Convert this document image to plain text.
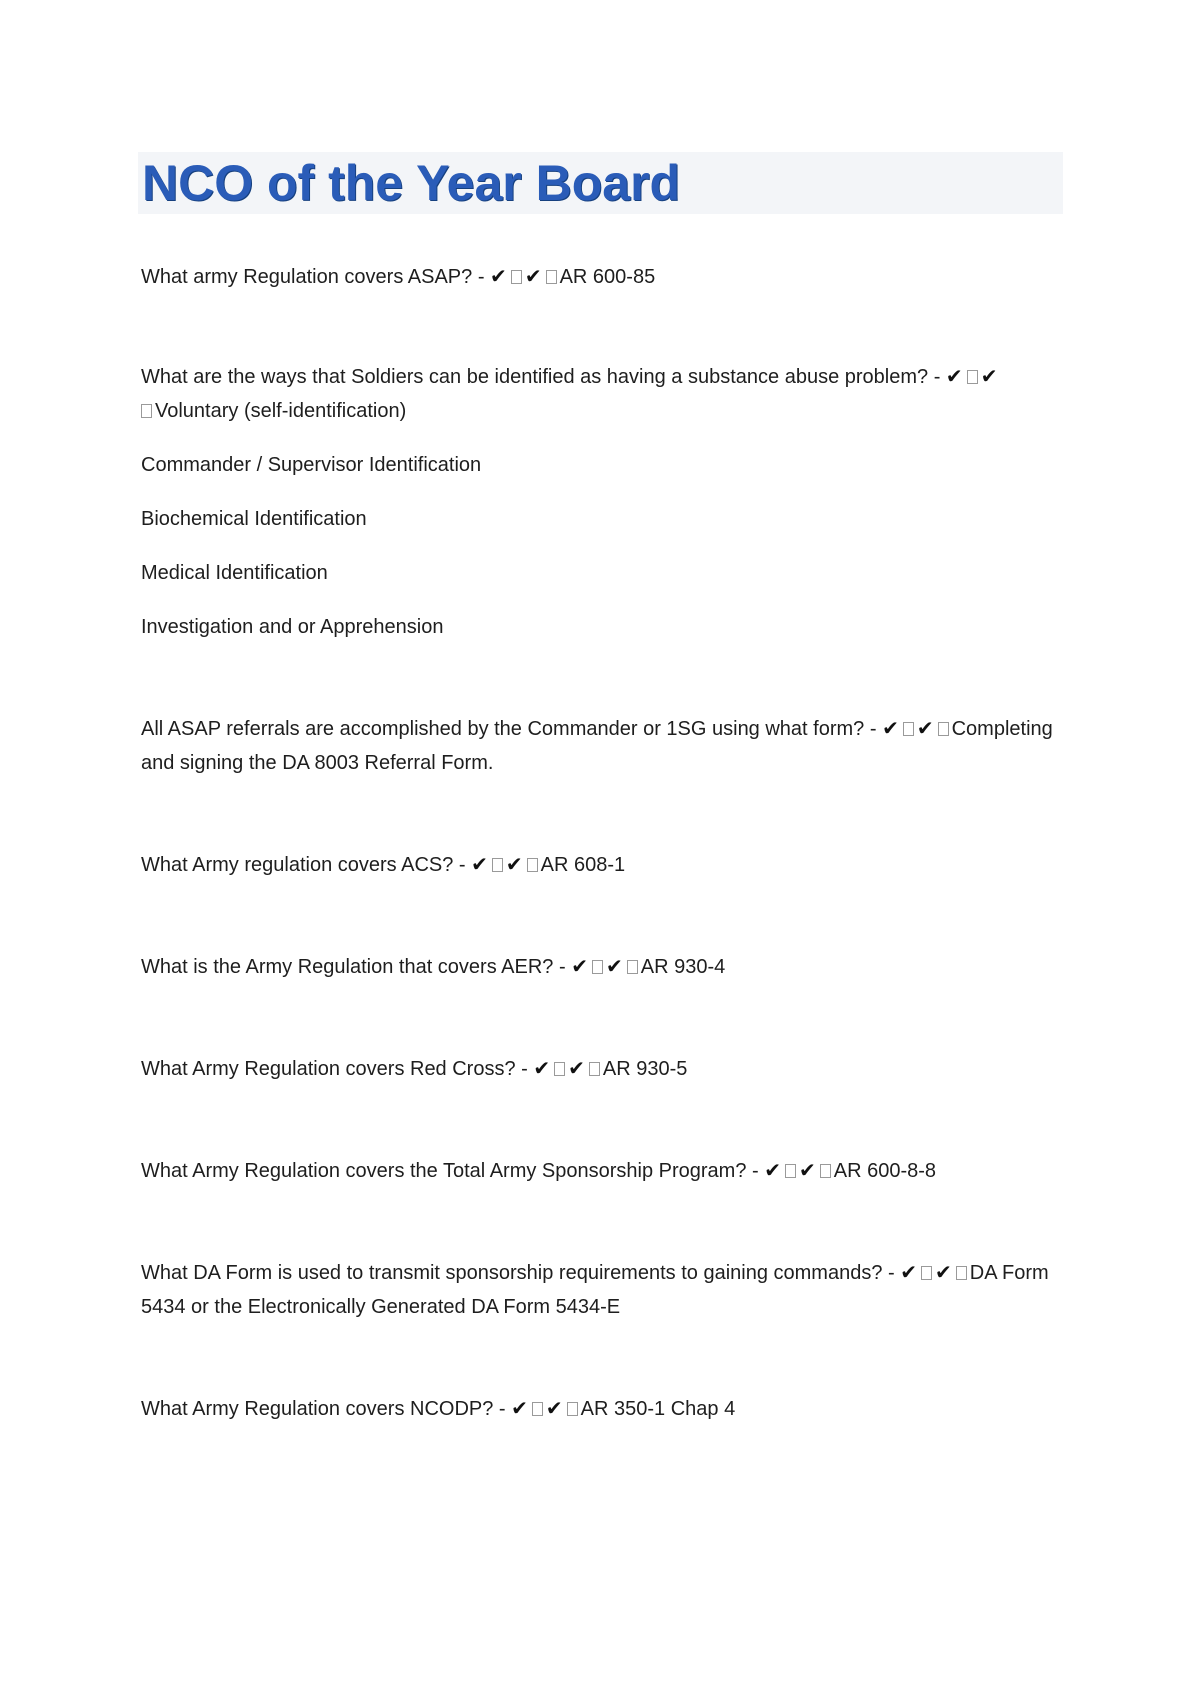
NCO of the Year Board

What army Regulation covers ASAP? - ✔ ✔ AR 600-85

What are the ways that Soldiers can be identified as having a substance abuse problem? - ✔ ✔
Voluntary (self-identification)

Commander / Supervisor Identification

Biochemical Identification

Medical Identification

Investigation and or Apprehension

All ASAP referrals are accomplished by the Commander or 1SG using what form? - ✔ ✔ Completing and signing the DA 8003 Referral Form.

What Army regulation covers ACS? - ✔ ✔ AR 608-1

What is the Army Regulation that covers AER? - ✔ ✔ AR 930-4

What Army Regulation covers Red Cross? - ✔ ✔ AR 930-5

What Army Regulation covers the Total Army Sponsorship Program? - ✔ ✔ AR 600-8-8

What DA Form is used to transmit sponsorship requirements to gaining commands? - ✔ ✔ DA Form 5434 or the Electronically Generated DA Form 5434-E

What Army Regulation covers NCODP? - ✔ ✔ AR 350-1 Chap 4
